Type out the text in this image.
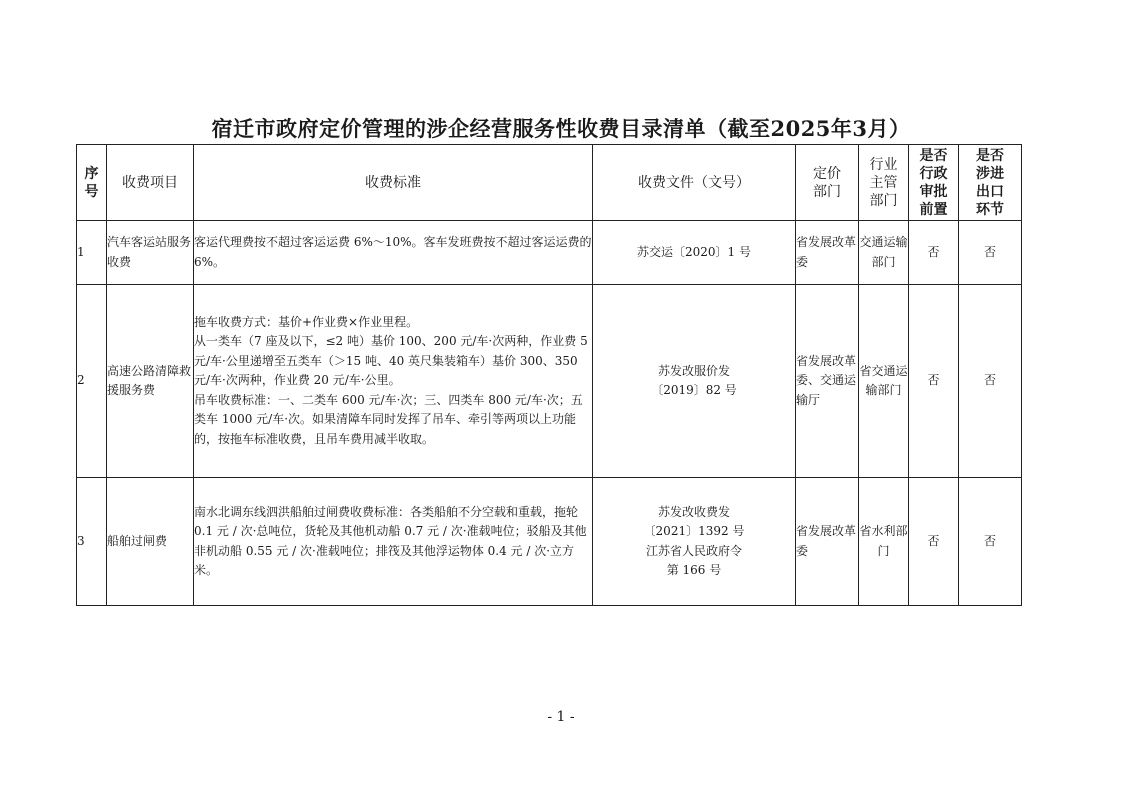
宿迁市政府定价管理的涉企经营服务性收费目录清单（截至2025年3月）
序号	收费项目	收费标准	收费文件（文号）	定价部门	行业主管部门	是否行政审批前置	是否涉进出口环节
1	汽车客运站服务收费	客运代理费按不超过客运运费 6%～10%。客车发班费按不超过客运运费的 6%。	苏交运〔2020〕1 号	省发展改革委	交通运输部门	否	否
2	高速公路清障救援服务费	拖车收费方式：基价+作业费×作业里程。
从一类车（7 座及以下，≤2 吨）基价 100、200 元/车·次两种，作业费 5 元/车·公里递增至五类车（＞15 吨、40 英尺集装箱车）基价 300、350 元/车·次两种，作业费 20 元/车·公里。
吊车收费标准：一、二类车 600 元/车·次；三、四类车 800 元/车·次；五类车 1000 元/车·次。如果清障车同时发挥了吊车、牵引等两项以上功能的，按拖车标准收费，且吊车费用减半收取。	苏发改服价发
〔2019〕82 号	省发展改革委、交通运输厅	省交通运输部门	否	否
3	船舶过闸费	南水北调东线泗洪船舶过闸费收费标准：各类船舶不分空载和重载，拖轮 0.1 元 / 次·总吨位，货轮及其他机动船 0.7 元 / 次·准载吨位；驳船及其他非机动船 0.55 元 / 次·准载吨位；排筏及其他浮运物体 0.4 元 / 次·立方米。	苏发改收费发
〔2021〕1392 号
江苏省人民政府令
第 166 号	省发展改革委	省水利部门	否	否
- 1 -
